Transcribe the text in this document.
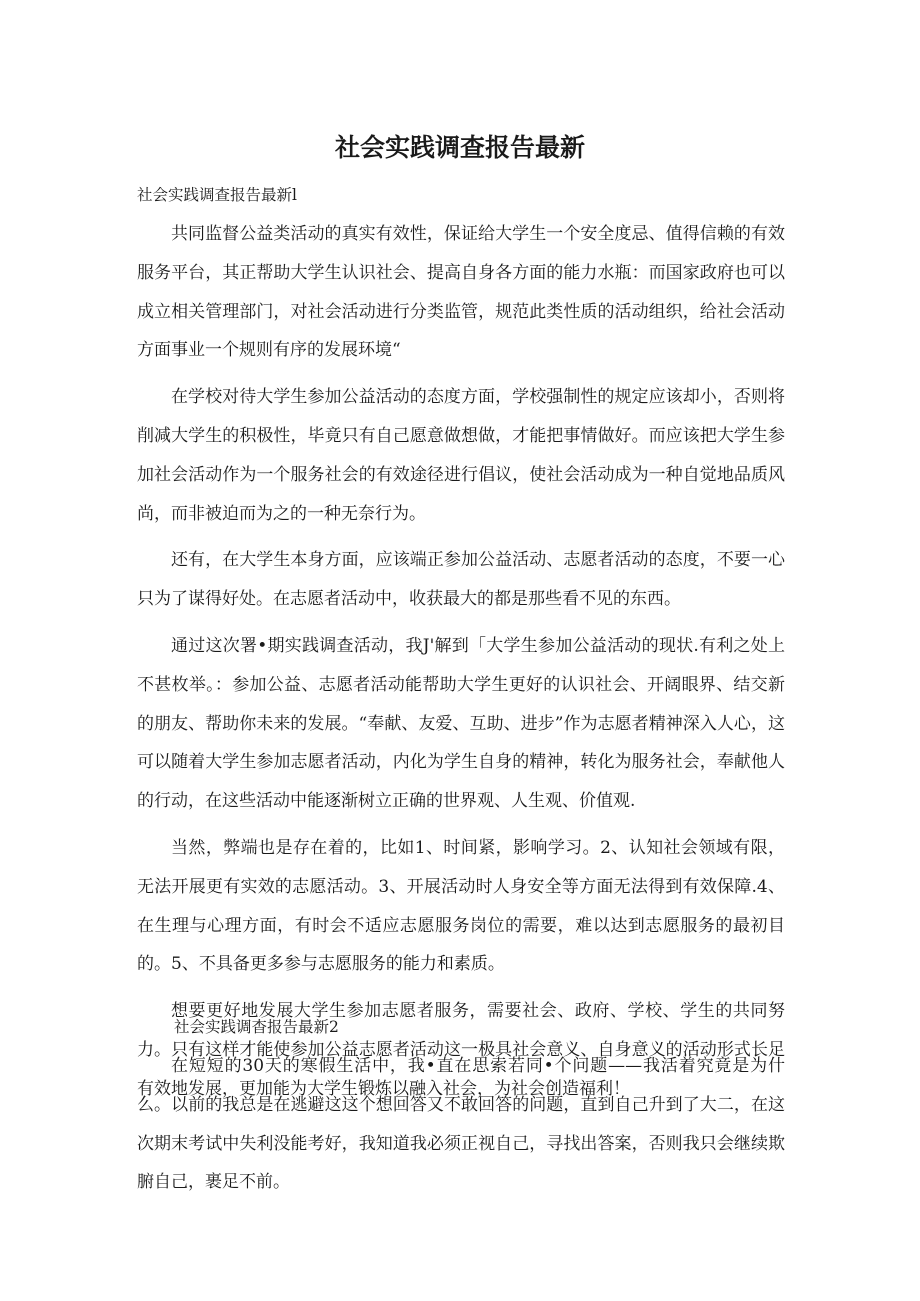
社会实践调查报告最新
社会实践调查报告最新l

共同监督公益类活动的真实有效性，保证给大学生一个安全度忌、值得信赖的有效服务平台，其正帮助大学生认识社会、提高自身各方面的能力水瓶：而国家政府也可以成立相关管理部门，对社会活动进行分类监管，规范此类性质的活动组织，给社会活动方面事业一个规则有序的发展环境“

在学校对待大学生参加公益活动的态度方面，学校强制性的规定应该却小，否则将削减大学生的积极性，毕竟只有自己愿意做想做，才能把事情做好。而应该把大学生参加社会活动作为一个服务社会的有效途径进行倡议，使社会活动成为一种自觉地品质风尚，而非被迫而为之的一种无奈行为。

还有，在大学生本身方面，应该端正参加公益活动、志愿者活动的态度，不要一心只为了谋得好处。在志愿者活动中，收获最大的都是那些看不见的东西。

通过这次署•期实践调查活动，我J'解到「大学生参加公益活动的现状.有利之处上不甚枚举。：参加公益、志愿者活动能帮助大学生更好的认识社会、开阔眼界、结交新的朋友、帮助你未来的发展。“奉献、友爱、互助、进步”作为志愿者精神深入人心，这可以随着大学生参加志愿者活动，内化为学生自身的精神，转化为服务社会，奉献他人的行动，在这些活动中能逐渐树立正确的世界观、人生观、价值观.

当然，弊端也是存在着的，比如1、时间紧，影响学习。2、认知社会领域有限，无法开展更有实效的志愿活动。3、开展活动时人身安全等方面无法得到有效保障.4、在生理与心理方面，有时会不适应志愿服务岗位的需要，难以达到志愿服务的最初目的。5、不具备更多参与志愿服务的能力和素质。

想要更好地发展大学生参加志愿者服务，需要社会、政府、学校、学生的共同努力。只有这样才能使参加公益志愿者活动这一极具社会意义、自身意义的活动形式长足有效地发展，更加能为大学生锻炼以融入社会，为社会创造福利！

社会实践调杳报告最新2

在短短的30天的寒假生活中，我•直在思索若同•个问题——我活着究竟是为什么。以前的我总是在逃避这这个想回答又不敢回答的问题，直到自己升到了大二，在这次期末考试中失利没能考好，我知道我必须正视自己，寻找出答案，否则我只会继续欺腑自己，裹足不前。
